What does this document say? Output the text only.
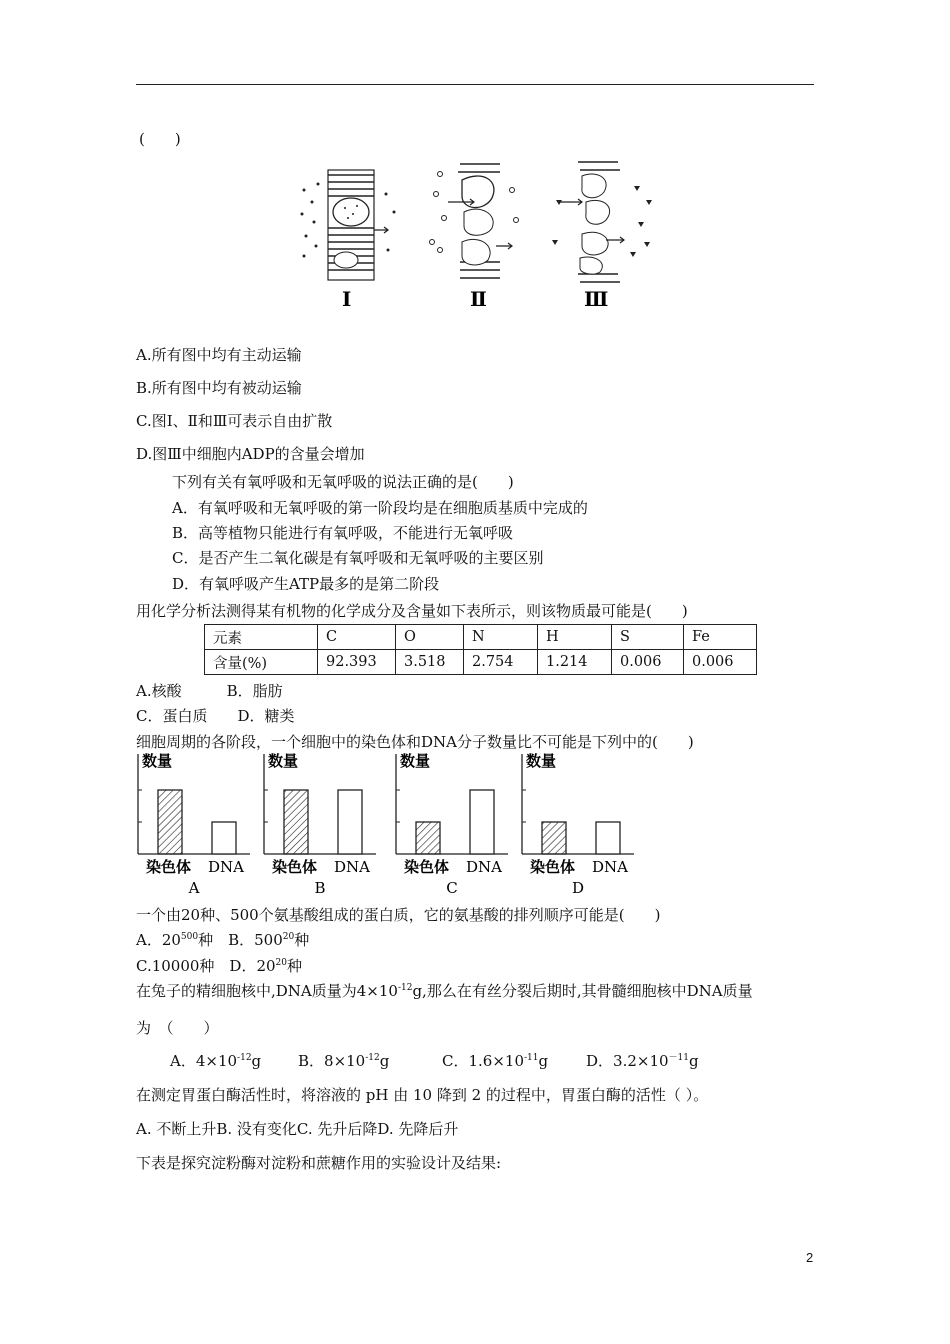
(　　)
Ⅰ	Ⅱ	Ⅲ
A.所有图中均有主动运输
B.所有图中均有被动运输
C.图Ⅰ、Ⅱ和Ⅲ可表示自由扩散
D.图Ⅲ中细胞内ADP的含量会增加
下列有关有氧呼吸和无氧呼吸的说法正确的是(　　)
A．有氧呼吸和无氧呼吸的第一阶段均是在细胞质基质中完成的
B．高等植物只能进行有氧呼吸，不能进行无氧呼吸
C．是否产生二氧化碳是有氧呼吸和无氧呼吸的主要区别
D．有氧呼吸产生ATP最多的是第二阶段
用化学分析法测得某有机物的化学成分及含量如下表所示，则该物质最可能是(　　)
元素	C	O	N	H	S	Fe
含量(%)	92.393	3.518	2.754	1.214	0.006	0.006
A.核酸　　　B．脂肪
C．蛋白质　　D．糖类
细胞周期的各阶段，一个细胞中的染色体和DNA分子数量比不可能是下列中的(　　)
数量
染色体 DNA
A
数量
染色体 DNA
B
数量
染色体 DNA
C
数量
染色体 DNA
D
一个由20种、500个氨基酸组成的蛋白质，它的氨基酸的排列顺序可能是(　　)
A．$20^{500}$种　B．$500^{20}$种
C.10000种　D．$20^{20}$种
在兔子的精细胞核中,DNA质量为$4\times 10^{-12}g$,那么在有丝分裂后期时,其骨髓细胞核中DNA质量
为　（　　）
A．$4\times 10^{-12}g$ B．$8\times 10^{-12}g$	C．$1.6\times 10^{-11}g$	D．$3.2\times 10^{-11}g$
在测定胃蛋白酶活性时，将溶液的 pH 由 10 降到 2 的过程中，胃蛋白酶的活性（ ）。
A. 不断上升B. 没有变化C. 先升后降D. 先降后升
下表是探究淀粉酶对淀粉和蔗糖作用的实验设计及结果:
2
